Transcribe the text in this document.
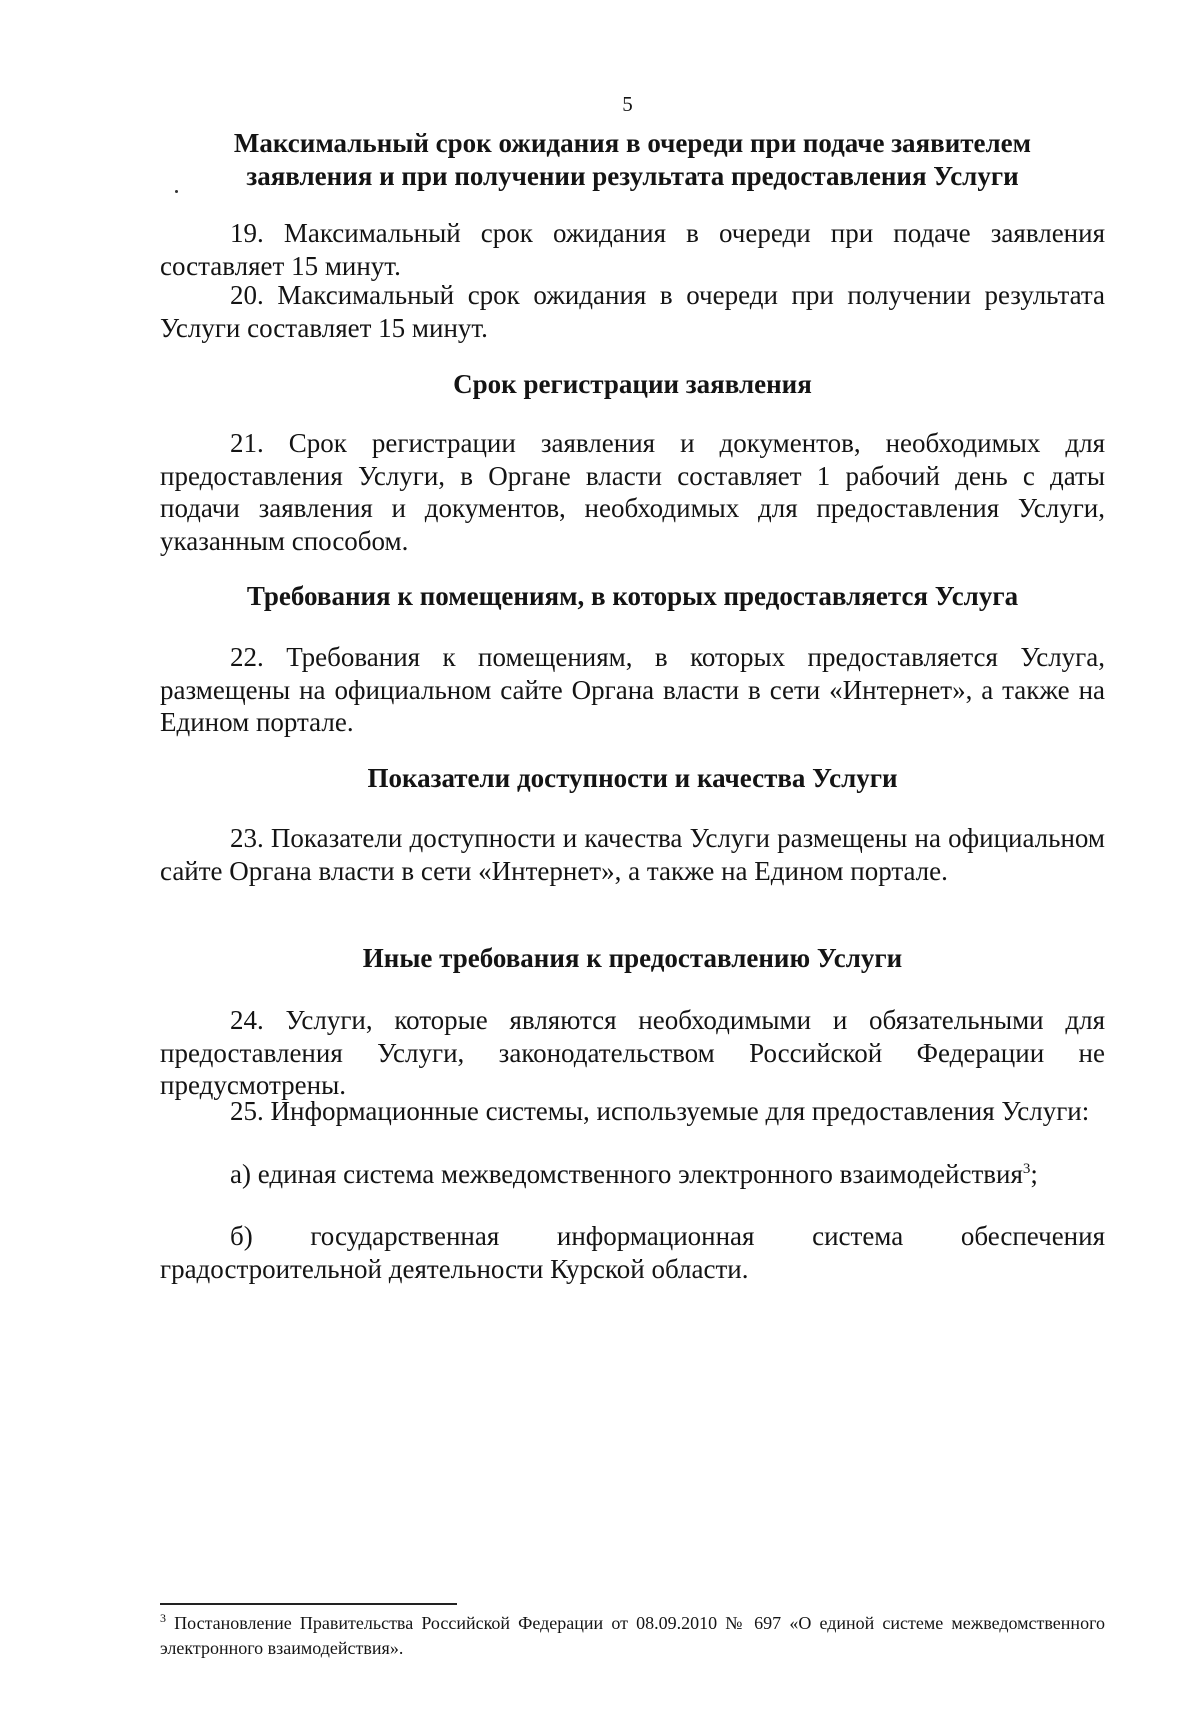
5
Максимальный срок ожидания в очереди при подаче заявителем
заявления и при получении результата предоставления Услуги

19. Максимальный срок ожидания в очереди при подаче заявления составляет 15 минут.

20. Максимальный срок ожидания в очереди при получении результата Услуги составляет 15 минут.

Срок регистрации заявления

21. Срок регистрации заявления и документов, необходимых для предоставления Услуги, в Органе власти составляет 1 рабочий день с даты подачи заявления и документов, необходимых для предоставления Услуги, указанным способом.

Требования к помещениям, в которых предоставляется Услуга

22. Требования к помещениям, в которых предоставляется Услуга, размещены на официальном сайте Органа власти в сети «Интернет», а также на Едином портале.

Показатели доступности и качества Услуги

23. Показатели доступности и качества Услуги размещены на официальном сайте Органа власти в сети «Интернет», а также на Едином портале.

Иные требования к предоставлению Услуги

24. Услуги, которые являются необходимыми и обязательными для предоставления Услуги, законодательством Российской Федерации не предусмотрены.

25. Информационные системы, используемые для предоставления Услуги:

а) единая система межведомственного электронного взаимодействия$^3$;

б) государственная информационная система обеспечения градостроительной деятельности Курской области.

$^3$ Постановление Правительства Российской Федерации от 08.09.2010 № 697 «О единой системе межведомственного электронного взаимодействия».
